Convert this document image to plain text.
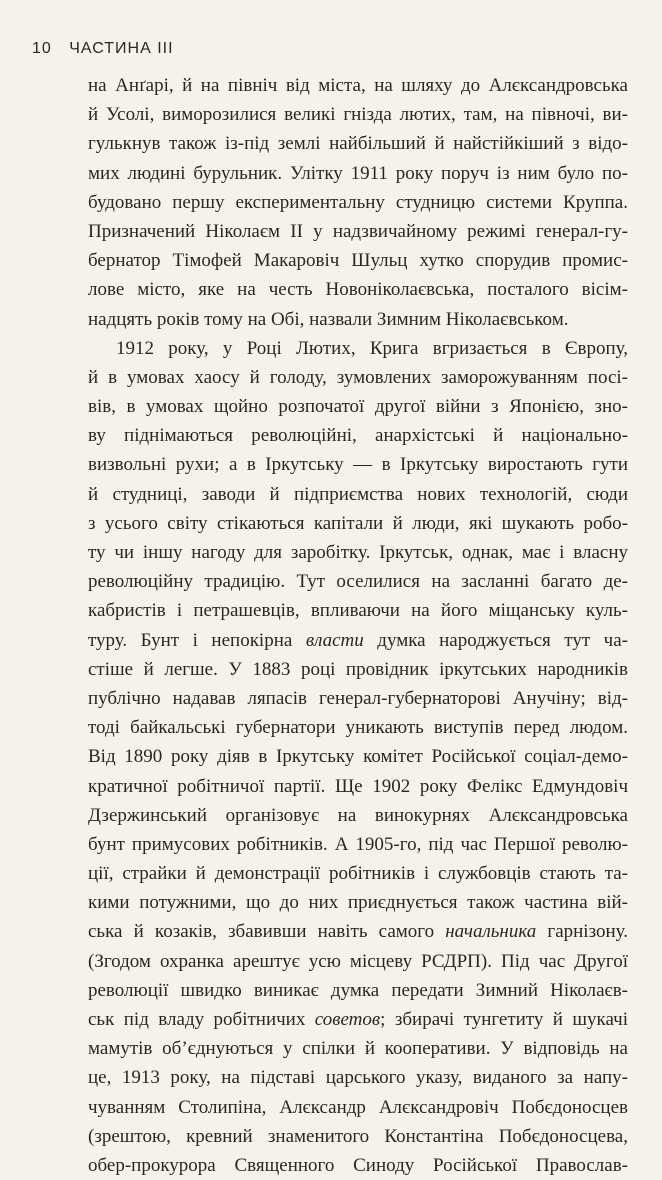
10 ЧАСТИНА III
на Анґарі, й на північ від міста, на шляху до Алєксандровська
й Усолі, виморозилися великі гнізда лютих, там, на півночі, ви-
гулькнув також із-під землі найбільший й найстійкіший з відо-
мих людині бурульник. Улітку 1911 року поруч із ним було по-
будовано першу експериментальну студницю системи Круппа.
Призначений Ніколаєм II у надзвичайному режимі генерал-гу-
бернатор Тімофей Макаровіч Шульц хутко спорудив промис-
лове місто, яке на честь Новоніколаєвська, посталого вісім-
надцять років тому на Обі, назвали Зимним Ніколаєвськом.
1912 року, у Році Лютих, Крига вгризається в Європу,
й в умовах хаосу й голоду, зумовлених заморожуванням посі-
вів, в умовах щойно розпочатої другої війни з Японією, зно-
ву піднімаються революційні, анархістські й національно-
визвольні рухи; а в Іркутську — в Іркутську виростають гути
й студниці, заводи й підприємства нових технологій, сюди
з усього світу стікаються капітали й люди, які шукають робо-
ту чи іншу нагоду для заробітку. Іркутськ, однак, має і власну
революційну традицію. Тут оселилися на засланні багато де-
кабристів і петрашевців, впливаючи на його міщанську куль-
туру. Бунт і непокірна власти думка народжується тут ча-
стіше й легше. У 1883 році провідник іркутських народників
публічно надавав ляпасів генерал-губернаторові Анучіну; від-
тоді байкальські губернатори уникають виступів перед людом.
Від 1890 року діяв в Іркутську комітет Російської соціал-демо-
кратичної робітничої партії. Ще 1902 року Фелікс Едмундовіч
Дзержинський організовує на винокурнях Алєксандровська
бунт примусових робітників. А 1905-го, під час Першої револю-
ції, страйки й демонстрації робітників і службовців стають та-
кими потужними, що до них приєднується також частина вій-
ська й козаків, збавивши навіть самого начальника гарнізону.
(Згодом охранка арештує усю місцеву РСДРП). Під час Другої
революції швидко виникає думка передати Зимний Ніколаєв-
ськ під владу робітничих советов; збирачі тунгетиту й шукачі
мамутів об’єднуються у спілки й кооперативи. У відповідь на
це, 1913 року, на підставі царського указу, виданого за напу-
чуванням Столипіна, Алєксандр Алєксандровіч Побєдоносцев
(зрештою, кревний знаменитого Константіна Побєдоносцева,
обер-прокурора Священного Синоду Російської Православ-
